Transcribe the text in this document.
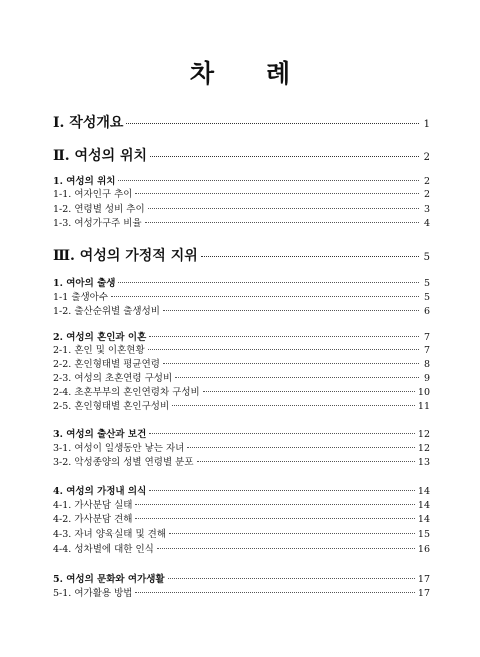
차 례
Ⅰ. 작성개요	1
Ⅱ. 여성의 위치	2
1. 여성의 위치	2
1-1. 여자인구 추이	2
1-2. 연령별 성비 추이	3
1-3. 여성가구주 비율	4
Ⅲ. 여성의 가정적 지위	5
1. 여아의 출생	5
1-1 출생아수	5
1-2. 출산순위별 출생성비	6
2. 여성의 혼인과 이혼	7
2-1. 혼인 및 이혼현황	7
2-2. 혼인형태별 평균연령	8
2-3. 여성의 초혼연령 구성비	9
2-4. 초혼부부의 혼인연령차 구성비	10
2-5. 혼인형태별 혼인구성비	11
3. 여성의 출산과 보건	12
3-1. 여성이 일생동안 낳는 자녀	12
3-2. 악성종양의 성별 연령별 분포	13
4. 여성의 가정내 의식	14
4-1. 가사분담 실태	14
4-2. 가사분담 견해	14
4-3. 자녀 양육실태 및 견해	15
4-4. 성차별에 대한 인식	16
5. 여성의 문화와 여가생활	17
5-1. 여가활용 방법	17
